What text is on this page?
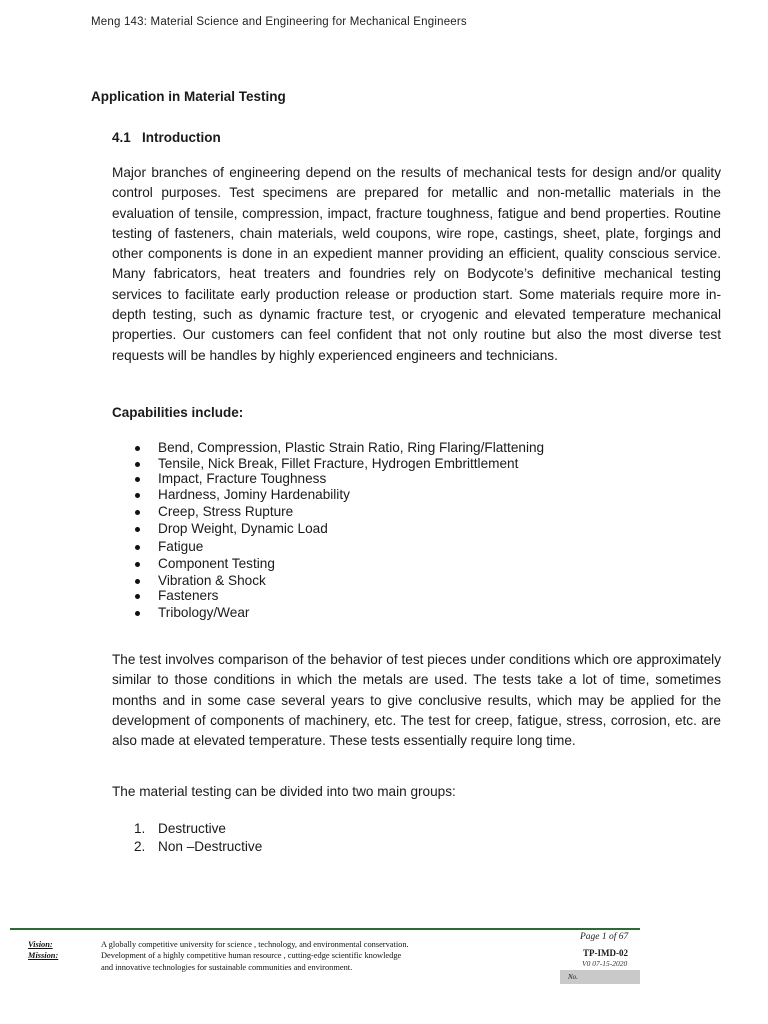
Meng 143: Material Science and Engineering for Mechanical Engineers
Application in Material Testing
4.1 Introduction

Major branches of engineering depend on the results of mechanical tests for design and/or quality control purposes. Test specimens are prepared for metallic and non-metallic materials in the evaluation of tensile, compression, impact, fracture toughness, fatigue and bend properties. Routine testing of fasteners, chain materials, weld coupons, wire rope, castings, sheet, plate, forgings and other components is done in an expedient manner providing an efficient, quality conscious service. Many fabricators, heat treaters and foundries rely on Bodycote’s definitive mechanical testing services to facilitate early production release or production start. Some materials require more in-depth testing, such as dynamic fracture test, or cryogenic and elevated temperature mechanical properties. Our customers can feel confident that not only routine but also the most diverse test requests will be handles by highly experienced engineers and technicians.

Capabilities include:
Bend, Compression, Plastic Strain Ratio, Ring Flaring/Flattening
Tensile, Nick Break, Fillet Fracture, Hydrogen Embrittlement
Impact, Fracture Toughness
Hardness, Jominy Hardenability
Creep, Stress Rupture
Drop Weight, Dynamic Load
Fatigue
Component Testing
Vibration & Shock
Fasteners
Tribology/Wear

The test involves comparison of the behavior of test pieces under conditions which ore approximately similar to those conditions in which the metals are used. The tests take a lot of time, sometimes months and in some case several years to give conclusive results, which may be applied for the development of components of machinery, etc. The test for creep, fatigue, stress, corrosion, etc. are also made at elevated temperature. These tests essentially require long time.

The material testing can be divided into two main groups:

1. Destructive
2. Non –Destructive
Page 1 of 67
TP-IMD-02
V0 07-15-2020
No.
Vision:	A globally competitive university for science , technology, and environmental conservation.
Mission:	Development of a highly competitive human resource , cutting-edge scientific knowledge
and innovative technologies for sustainable communities and environment.
